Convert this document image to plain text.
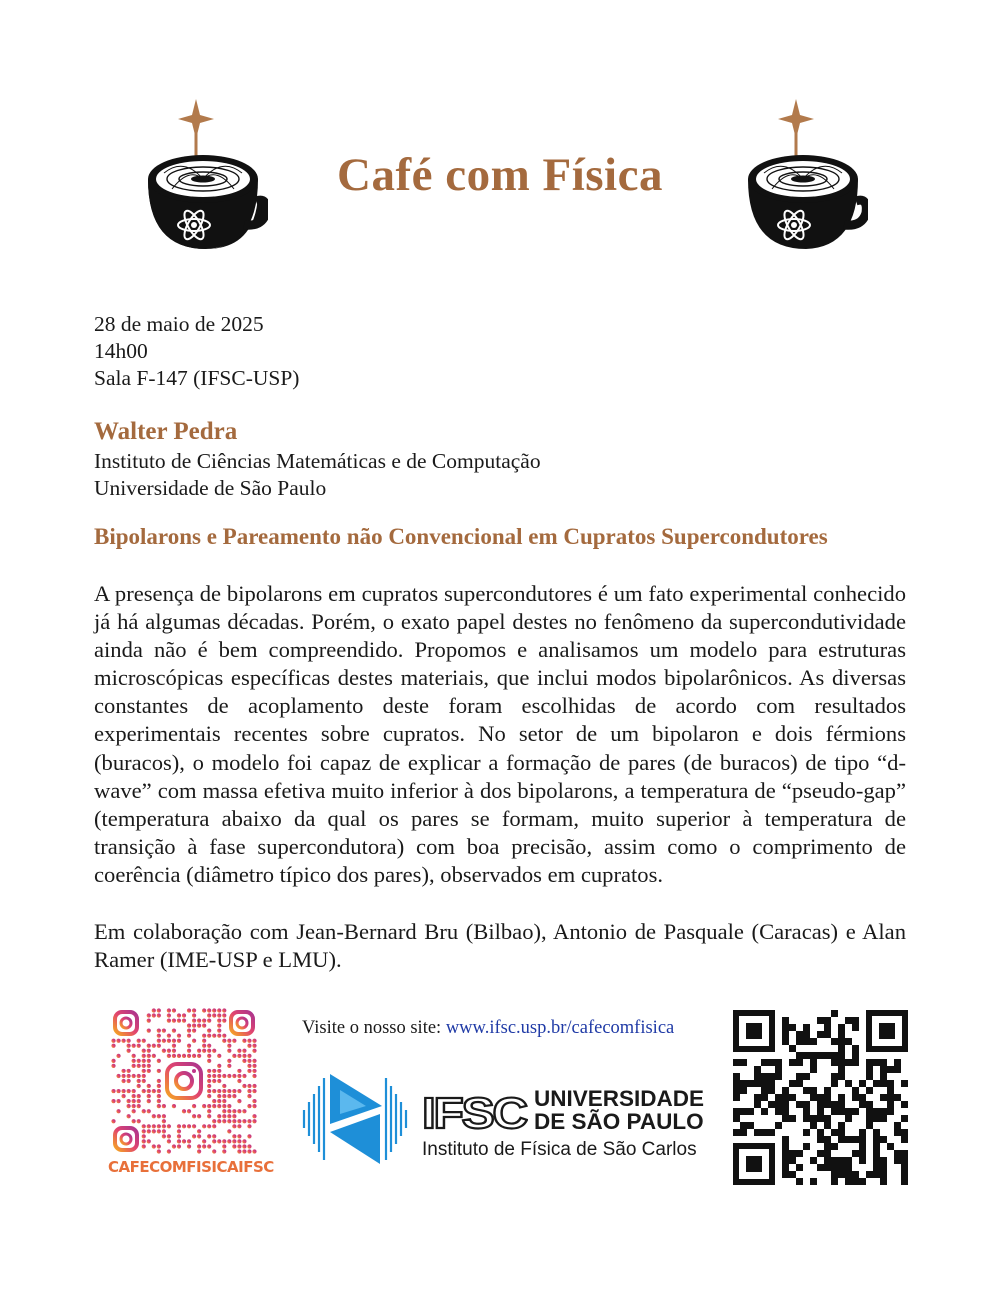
Café com Física
28 de maio de 2025
14h00
Sala F-147 (IFSC-USP)
Walter Pedra
Instituto de Ciências Matemáticas e de Computação
Universidade de São Paulo
Bipolarons e Pareamento não Convencional em Cupratos Supercondutores

A presença de bipolarons em cupratos supercondutores é um fato experimental conhecido já há algumas décadas. Porém, o exato papel destes no fenômeno da supercondutividade ainda não é bem compreendido. Propomos e analisamos um modelo para estruturas microscópicas específicas destes materiais, que inclui modos bipolarônicos. As diversas constantes de acoplamento deste foram escolhidas de acordo com resultados experimentais recentes sobre cupratos. No setor de um bipolaron e dois férmions (buracos), o modelo foi capaz de explicar a formação de pares (de buracos) de tipo “d-wave” com massa efetiva muito inferior à dos bipolarons, a temperatura de “pseudo-gap” (temperatura abaixo da qual os pares se formam, muito superior à temperatura de transição à fase supercondutora) com boa precisão, assim como o comprimento de coerência (diâmetro típico dos pares), observados em cupratos.

Em colaboração com Jean-Bernard Bru (Bilbao), Antonio de Pasquale (Caracas) e Alan Ramer (IME-USP e LMU).

CAFECOMFISICAIFSC
Visite o nosso site: www.ifsc.usp.br/cafecomfisica
IFSC UNIVERSIDADE
DE SÃO PAULO
Instituto de Física de São Carlos
